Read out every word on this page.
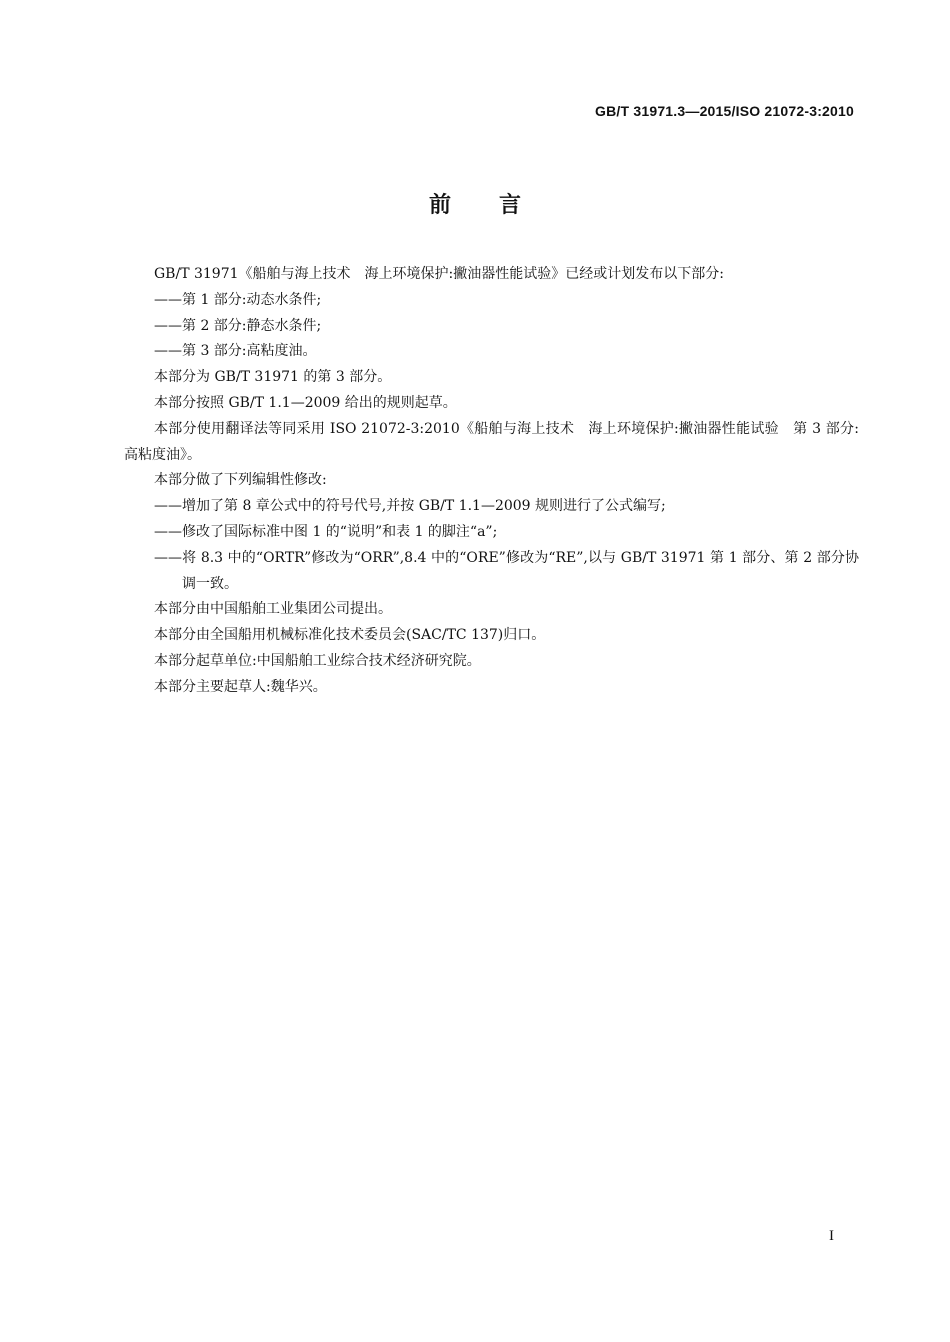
GB/T 31971.3—2015/ISO 21072-3:2010
前 言

GB/T 31971《船舶与海上技术　海上环境保护:撇油器性能试验》已经或计划发布以下部分:

——第 1 部分:动态水条件;

——第 2 部分:静态水条件;

——第 3 部分:高粘度油。

本部分为 GB/T 31971 的第 3 部分。

本部分按照 GB/T 1.1—2009 给出的规则起草。

本部分使用翻译法等同采用 ISO 21072-3:2010《船舶与海上技术　海上环境保护:撇油器性能试验　第 3 部分:高粘度油》。

本部分做了下列编辑性修改:

——增加了第 8 章公式中的符号代号,并按 GB/T 1.1—2009 规则进行了公式编写;

——修改了国际标准中图 1 的“说明”和表 1 的脚注“a”;

——将 8.3 中的“ORTR”修改为“ORR”,8.4 中的“ORE”修改为“RE”,以与 GB/T 31971 第 1 部分、第 2 部分协调一致。

本部分由中国船舶工业集团公司提出。

本部分由全国船用机械标准化技术委员会(SAC/TC 137)归口。

本部分起草单位:中国船舶工业综合技术经济研究院。

本部分主要起草人:魏华兴。

I
